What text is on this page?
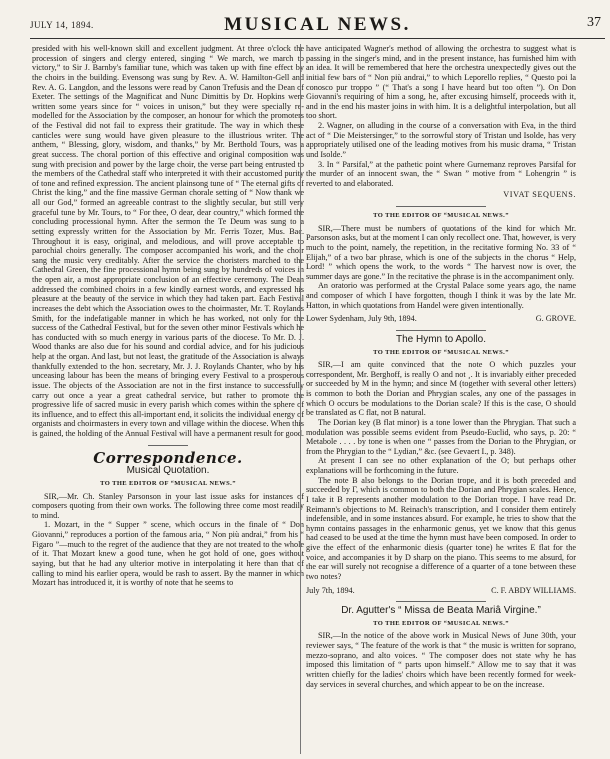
JULY 14, 1894.	MUSICAL NEWS.	37

presided with his well-known skill and excellent judgment. At three o'clock the procession of singers and clergy entered, singing “ We march, we march to victory,” to Sir J. Barnby's familiar tune, which was taken up with fine effect by the choirs in the building. Evensong was sung by Rev. A. W. Hamilton-Gell and Rev. A. G. Langdon, and the lessons were read by Canon Trefusis and the Dean of Exeter. The settings of the Magnificat and Nunc Dimittis by Dr. Hopkins were written some years since for “ voices in unison,” but they were specially re-modelled for the Association by the composer, an honour for which the promoters of the Festival did not fail to express their gratitude. The way in which these canticles were sung would have given pleasure to the illustrious writer. The anthem, “ Blessing, glory, wisdom, and thanks,” by Mr. Berthold Tours, was a great success. The choral portion of this effective and original composition was sung with precision and power by the large choir, the verse part being entrusted to the members of the Cathedral staff who interpreted it with their accustomed purity of tone and refined expression. The ancient plainsong tune of “ The eternal gifts of Christ the king,” and the fine massive German chorale setting of “ Now thank we all our God,” formed an agreeable contrast to the slightly secular, but still very graceful tune by Mr. Tours, to “ For thee, O dear, dear country,” which formed the concluding processional hymn. After the sermon the Te Deum was sung to a setting expressly written for the Association by Mr. Ferris Tozer, Mus. Bac. Throughout it is easy, original, and melodious, and will prove acceptable to parochial choirs generally. The composer accompanied his work, and the choir sang the music very creditably. After the service the choristers marched to the Cathedral Green, the fine processional hymn being sung by hundreds of voices in the open air, a most appropriate conclusion of an effective ceremony. The Dean addressed the combined choirs in a few kindly earnest words, and expressed his pleasure at the beauty of the service in which they had taken part. Each Festival increases the debt which the Association owes to the choirmaster, Mr. T. Roylands Smith, for the indefatigable manner in which he has worked, not only for the success of the Cathedral Festival, but for the seven other minor Festivals which he has conducted with so much energy in various parts of the diocese. To Mr. D. J. Wood thanks are also due for his sound and cordial advice, and for his judicious help at the organ. And last, but not least, the gratitude of the Association is always thankfully extended to the hon. secretary, Mr. J. J. Roylands Chanter, who by his unceasing labour has been the means of bringing every Festival to a prosperous issue. The objects of the Association are not in the first instance to successfully carry out once a year a great cathedral service, but rather to promote the progressive life of sacred music in every parish which comes within the sphere of its influence, and to effect this all-important end, it solicits the individual energy of organists and choirmasters in every town and village within the diocese. When this is gained, the holding of the Annual Festival will have a permanent result for good.

Correspondence.
Musical Quotation.
TO THE EDITOR OF “MUSICAL NEWS.”

SIR,—Mr. Ch. Stanley Parsonson in your last issue asks for instances of composers quoting from their own works. The following three come most readily to mind.

1. Mozart, in the “ Supper ” scene, which occurs in the finale of “ Don Giovanni,” reproduces a portion of the famous aria, “ Non più andrai,” from his “ Figaro ”—much to the regret of the audience that they are not treated to the whole of it. That Mozart knew a good tune, when he got hold of one, goes without saying, but that he had any ulterior motive in interpolating it here than that of calling to mind his earlier opera, would be rash to assert. By the manner in which Mozart has introduced it, it is worthy of note that he seems to

have anticipated Wagner's method of allowing the orchestra to suggest what is passing in the singer's mind, and in the present instance, has furnished him with an idea. It will be remembered that here the orchestra unexpectedly gives out the initial few bars of “ Non più andrai,” to which Leporello replies, “ Questo poi la conosco pur troppo ” (“ That's a song I have heard but too often ”). On Don Giovanni's requiring of him a song, he, after excusing himself, proceeds with it, and in the end his master joins in with him. It is a delightful interpolation, but all too short.

2. Wagner, on alluding in the course of a conversation with Eva, in the third act of “ Die Meistersinger,” to the sorrowful story of Tristan und Isolde, has very appropriately utilised one of the leading motives from his music drama, “ Tristan und Isolde.”

3. In “ Parsifal,” at the pathetic point where Gurnemanz reproves Parsifal for the murder of an innocent swan, the “ Swan ” motive from “ Lohengrin ” is reverted to and elaborated.

VIVAT SEQUENS.
TO THE EDITOR OF “MUSICAL NEWS.”

SIR,—There must be numbers of quotations of the kind for which Mr. Parsonson asks, but at the moment I can only recollect one. That, however, is very much to the point, namely, the repetition, in the recitative forming No. 33 of “ Elijah,” of a two bar phrase, which is one of the subjects in the chorus “ Help, Lord! ” which opens the work, to the words “ The harvest now is over, the summer days are gone.” In the recitative the phrase is in the accompaniment only.

An oratorio was performed at the Crystal Palace some years ago, the name and composer of which I have forgotten, though I think it was by the late Mr. Hatton, in which quotations from Handel were given intentionally.

Lower Sydenham, July 9th, 1894.	G. GROVE.
The Hymn to Apollo.
TO THE EDITOR OF “MUSICAL NEWS.”

SIR,—I am quite convinced that the note O which puzzles your correspondent, Mr. Berghoff, is really O and not ¸. It is invariably either preceded or succeeded by M in the hymn; and since M (together with several other letters) is common to both the Dorian and Phrygian scales, any one of the passages in which O occurs be modulations to the Dorian scale? If this is the case, O should be translated as C flat, not B natural.

The Dorian key (B flat minor) is a tone lower than the Phrygian. That such a modulation was possible seems evident from Pseudo-Euclid, who says, p. 20: “ Metabole . . . . by tone is when one “ passes from the Dorian to the Phrygian, or from the Phrygian to the “ Lydian,” &c. (see Gevaert I., p. 348).

At present I can see no other explanation of the O; but perhaps other explanations will be forthcoming in the future.

The note B also belongs to the Dorian trope, and it is both preceded and succeeded by Γ, which is common to both the Dorian and Phrygian scales. Hence, I take it B represents another modulation to the Dorian trope. I have read Dr. Reimann's objections to M. Reinach's transcription, and I consider them entirely indefensible, and in some instances absurd. For example, he tries to show that the hymn contains passages in the enharmonic genus, yet we know that this genus had ceased to be used at the time the hymn must have been composed. In order to give the effect of the enharmonic diesis (quarter tone) he writes E flat for the voice, and accompanies it by D sharp on the piano. This seems to me absurd, for the ear will surely not recognise a difference of a quarter of a tone between these two notes?

July 7th, 1894.	C. F. ABDY WILLIAMS.
Dr. Agutter's “ Missa de Beata Mariâ Virgine.”
TO THE EDITOR OF “MUSICAL NEWS.”

SIR,—In the notice of the above work in Musical News of June 30th, your reviewer says, “ The feature of the work is that “ the music is written for soprano, mezzo-soprano, and alto voices. “ The composer does not state why he has imposed this limitation of “ parts upon himself.” Allow me to say that it was written chiefly for the ladies' choirs which have been recently formed for week-day services in several churches, and which appear to be on the increase.
